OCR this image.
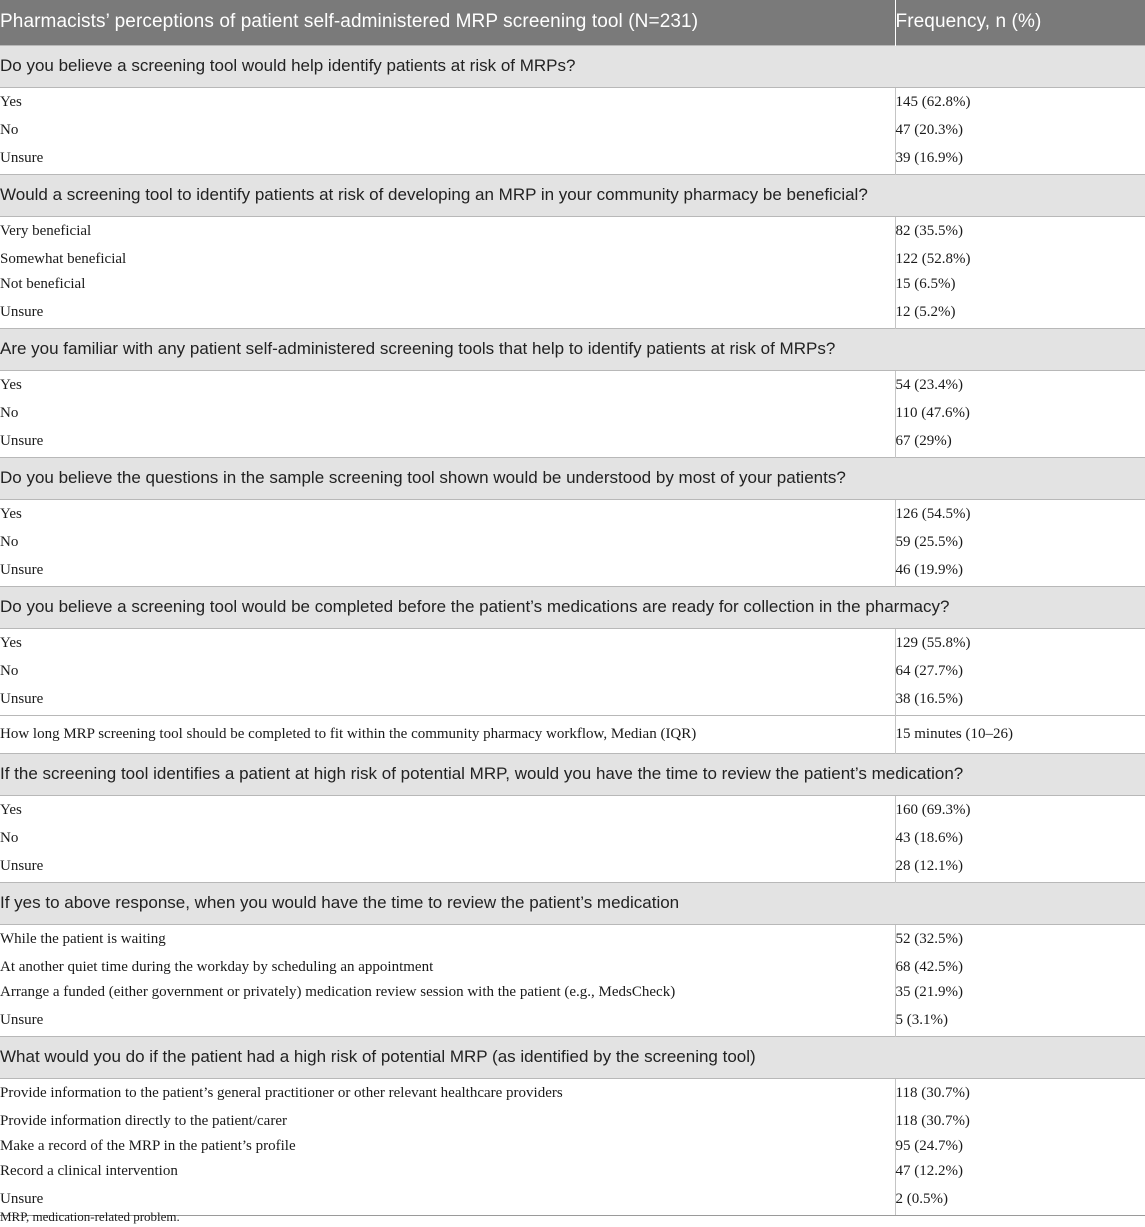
Pharmacists’ perceptions of patient self-administered MRP screening tool (N=231)	Frequency, n (%)
Do you believe a screening tool would help identify patients at risk of MRPs?	
Yes	145 (62.8%)
No	47 (20.3%)
Unsure	39 (16.9%)
Would a screening tool to identify patients at risk of developing an MRP in your community pharmacy be beneficial?	
Very beneficial	82 (35.5%)
Somewhat beneficial	122 (52.8%)
Not beneficial	15 (6.5%)
Unsure	12 (5.2%)
Are you familiar with any patient self-administered screening tools that help to identify patients at risk of MRPs?	
Yes	54 (23.4%)
No	110 (47.6%)
Unsure	67 (29%)
Do you believe the questions in the sample screening tool shown would be understood by most of your patients?	
Yes	126 (54.5%)
No	59 (25.5%)
Unsure	46 (19.9%)
Do you believe a screening tool would be completed before the patient’s medications are ready for collection in the pharmacy?	
Yes	129 (55.8%)
No	64 (27.7%)
Unsure	38 (16.5%)
How long MRP screening tool should be completed to fit within the community pharmacy workflow, Median (IQR)	15 minutes (10–26)
If the screening tool identifies a patient at high risk of potential MRP, would you have the time to review the patient’s medication?	
Yes	160 (69.3%)
No	43 (18.6%)
Unsure	28 (12.1%)
If yes to above response, when you would have the time to review the patient’s medication	
While the patient is waiting	52 (32.5%)
At another quiet time during the workday by scheduling an appointment	68 (42.5%)
Arrange a funded (either government or privately) medication review session with the patient (e.g., MedsCheck)	35 (21.9%)
Unsure	5 (3.1%)
What would you do if the patient had a high risk of potential MRP (as identified by the screening tool)	
Provide information to the patient’s general practitioner or other relevant healthcare providers	118 (30.7%)
Provide information directly to the patient/carer	118 (30.7%)
Make a record of the MRP in the patient’s profile	95 (24.7%)
Record a clinical intervention	47 (12.2%)
Unsure	2 (0.5%)
MRP, medication-related problem.
